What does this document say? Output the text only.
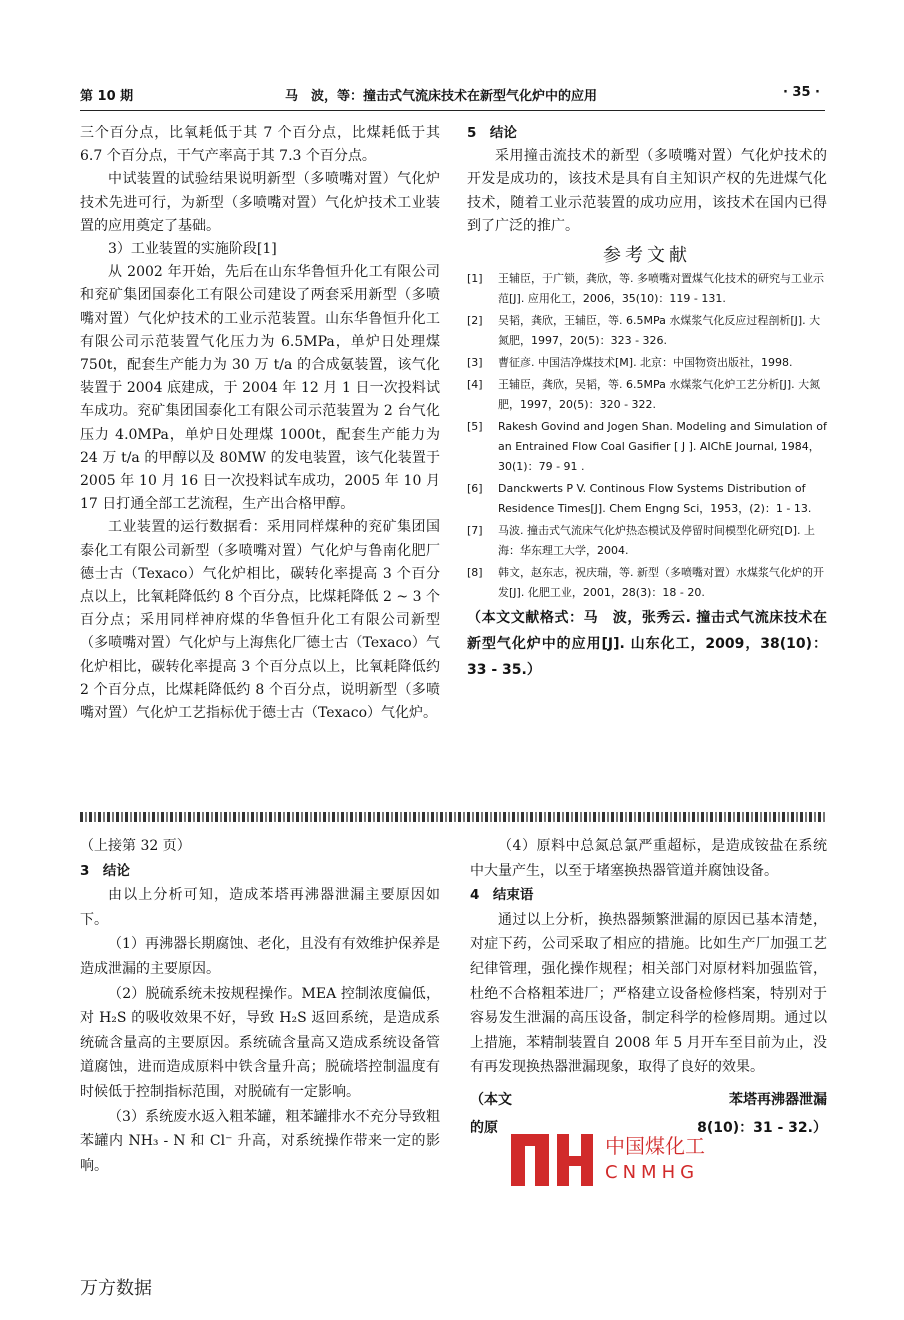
第 10 期	马　波，等：撞击式气流床技术在新型气化炉中的应用	· 35 ·

三个百分点，比氧耗低于其 7 个百分点，比煤耗低于其 6.7 个百分点，干气产率高于其 7.3 个百分点。

中试装置的试验结果说明新型（多喷嘴对置）气化炉技术先进可行，为新型（多喷嘴对置）气化炉技术工业装置的应用奠定了基础。

3）工业装置的实施阶段[1]

从 2002 年开始，先后在山东华鲁恒升化工有限公司和兖矿集团国泰化工有限公司建设了两套采用新型（多喷嘴对置）气化炉技术的工业示范装置。山东华鲁恒升化工有限公司示范装置气化压力为 6.5MPa，单炉日处理煤 750t，配套生产能力为 30 万 t/a 的合成氨装置，该气化装置于 2004 底建成，于 2004 年 12 月 1 日一次投料试车成功。兖矿集团国泰化工有限公司示范装置为 2 台气化压力 4.0MPa，单炉日处理煤 1000t，配套生产能力为 24 万 t/a 的甲醇以及 80MW 的发电装置，该气化装置于 2005 年 10 月 16 日一次投料试车成功，2005 年 10 月 17 日打通全部工艺流程，生产出合格甲醇。

工业装置的运行数据看：采用同样煤种的兖矿集团国泰化工有限公司新型（多喷嘴对置）气化炉与鲁南化肥厂德士古（Texaco）气化炉相比，碳转化率提高 3 个百分点以上，比氧耗降低约 8 个百分点，比煤耗降低 2 ~ 3 个百分点；采用同样神府煤的华鲁恒升化工有限公司新型（多喷嘴对置）气化炉与上海焦化厂德士古（Texaco）气化炉相比，碳转化率提高 3 个百分点以上，比氧耗降低约 2 个百分点，比煤耗降低约 8 个百分点，说明新型（多喷嘴对置）气化炉工艺指标优于德士古（Texaco）气化炉。

5　结论

采用撞击流技术的新型（多喷嘴对置）气化炉技术的开发是成功的，该技术是具有自主知识产权的先进煤气化技术，随着工业示范装置的成功应用，该技术在国内已得到了广泛的推广。

参考文献
[1] 王辅臣，于广锁，龚欣，等. 多喷嘴对置煤气化技术的研究与工业示范[J]. 应用化工，2006，35(10)：119 - 131.
[2] 吴韬，龚欣，王辅臣，等. 6.5MPa 水煤浆气化反应过程剖析[J]. 大氮肥，1997，20(5)：323 - 326.
[3] 曹征彦. 中国洁净煤技术[M]. 北京：中国物资出版社，1998.
[4] 王辅臣，龚欣，吴韬，等. 6.5MPa 水煤浆气化炉工艺分析[J]. 大氮肥，1997，20(5)：320 - 322.
[5] Rakesh Govind and Jogen Shan. Modeling and Simulation of an Entrained Flow Coal Gasifier [ J ]. AIChE Journal, 1984，30(1)：79 - 91 .
[6] Danckwerts P V. Continous Flow Systems Distribution of Residence Times[J]. Chem Engng Sci，1953，(2)：1 - 13.
[7] 马波. 撞击式气流床气化炉热态模试及停留时间模型化研究[D]. 上海：华东理工大学，2004.
[8] 韩文，赵东志，祝庆瑞，等. 新型（多喷嘴对置）水煤浆气化炉的开发[J]. 化肥工业，2001，28(3)：18 - 20.

（本文文献格式：马　波，张秀云. 撞击式气流床技术在新型气化炉中的应用[J]. 山东化工，2009，38(10)：33 - 35.）

（上接第 32 页）

3　结论

由以上分析可知，造成苯塔再沸器泄漏主要原因如下。

（1）再沸器长期腐蚀、老化，且没有有效维护保养是造成泄漏的主要原因。

（2）脱硫系统未按规程操作。MEA 控制浓度偏低，对 H₂S 的吸收效果不好，导致 H₂S 返回系统，是造成系统硫含量高的主要原因。系统硫含量高又造成系统设备管道腐蚀，进而造成原料中铁含量升高；脱硫塔控制温度有时候低于控制指标范围，对脱硫有一定影响。

（3）系统废水返入粗苯罐，粗苯罐排水不充分导致粗苯罐内 NH₃ - N 和 Cl⁻ 升高，对系统操作带来一定的影响。

（4）原料中总氮总氯严重超标，是造成铵盐在系统中大量产生，以至于堵塞换热器管道并腐蚀设备。

4　结束语

通过以上分析，换热器频繁泄漏的原因已基本清楚，对症下药，公司采取了相应的措施。比如生产厂加强工艺纪律管理，强化操作规程；相关部门对原材料加强监管，杜绝不合格粗苯进厂；严格建立设备检修档案，特别对于容易发生泄漏的高压设备，制定科学的检修周期。通过以上措施，苯精制装置自 2008 年 5 月开车至目前为止，没有再发现换热器泄漏现象，取得了良好的效果。

（本文
的原
苯塔再沸器泄漏
8(10)：31 - 32.）
中国煤化工
CNMHG
万方数据
